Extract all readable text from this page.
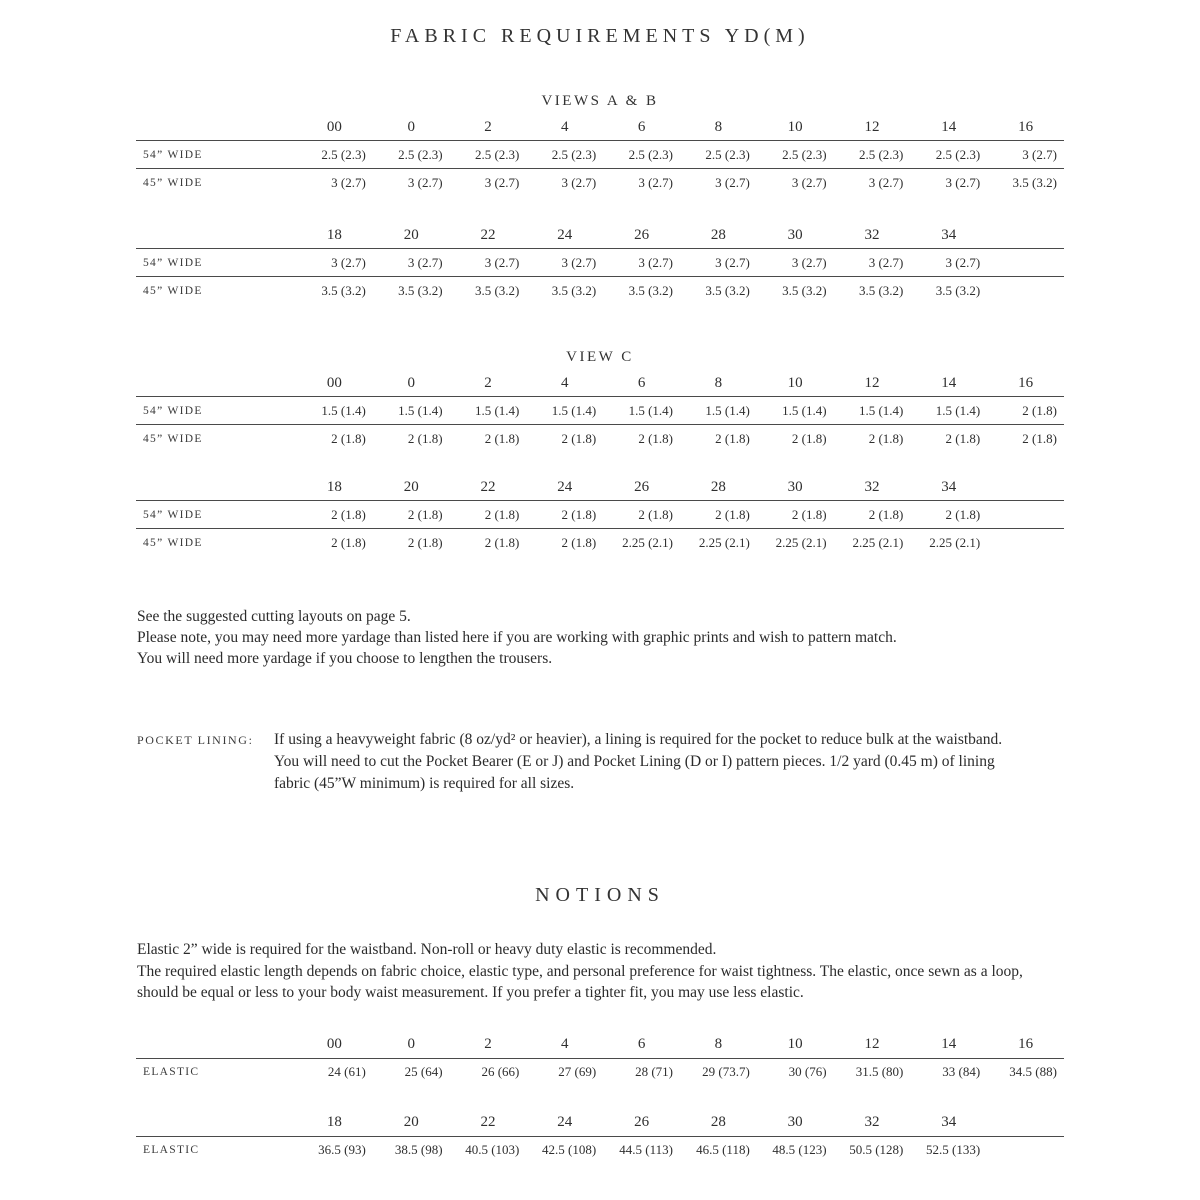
FABRIC REQUIREMENTS YD(M)
VIEWS A & B
00	0	2	4	6	8	10	12	14	16
54” WIDE	2.5 (2.3)	2.5 (2.3)	2.5 (2.3)	2.5 (2.3)	2.5 (2.3)	2.5 (2.3)	2.5 (2.3)	2.5 (2.3)	2.5 (2.3)	3 (2.7)
45” WIDE	3 (2.7)	3 (2.7)	3 (2.7)	3 (2.7)	3 (2.7)	3 (2.7)	3 (2.7)	3 (2.7)	3 (2.7)	3.5 (3.2)
18	20	22	24	26	28	30	32	34
54” WIDE	3 (2.7)	3 (2.7)	3 (2.7)	3 (2.7)	3 (2.7)	3 (2.7)	3 (2.7)	3 (2.7)	3 (2.7)
45” WIDE	3.5 (3.2)	3.5 (3.2)	3.5 (3.2)	3.5 (3.2)	3.5 (3.2)	3.5 (3.2)	3.5 (3.2)	3.5 (3.2)	3.5 (3.2)
VIEW C
00	0	2	4	6	8	10	12	14	16
54” WIDE	1.5 (1.4)	1.5 (1.4)	1.5 (1.4)	1.5 (1.4)	1.5 (1.4)	1.5 (1.4)	1.5 (1.4)	1.5 (1.4)	1.5 (1.4)	2 (1.8)
45” WIDE	2 (1.8)	2 (1.8)	2 (1.8)	2 (1.8)	2 (1.8)	2 (1.8)	2 (1.8)	2 (1.8)	2 (1.8)	2 (1.8)
18	20	22	24	26	28	30	32	34
54” WIDE	2 (1.8)	2 (1.8)	2 (1.8)	2 (1.8)	2 (1.8)	2 (1.8)	2 (1.8)	2 (1.8)	2 (1.8)
45” WIDE	2 (1.8)	2 (1.8)	2 (1.8)	2 (1.8)	2.25 (2.1)	2.25 (2.1)	2.25 (2.1)	2.25 (2.1)	2.25 (2.1)
See the suggested cutting layouts on page 5.
Please note, you may need more yardage than listed here if you are working with graphic prints and wish to pattern match.
You will need more yardage if you choose to lengthen the trousers.
POCKET LINING:	If using a heavyweight fabric (8 oz/yd² or heavier), a lining is required for the pocket to reduce bulk at the waistband. You will need to cut the Pocket Bearer (E or J) and Pocket Lining (D or I) pattern pieces. 1/2 yard (0.45 m) of lining fabric (45”W minimum) is required for all sizes.
NOTIONS

Elastic 2” wide is required for the waistband. Non-roll or heavy duty elastic is recommended.

The required elastic length depends on fabric choice, elastic type, and personal preference for waist tightness. The elastic, once sewn as a loop, should be equal or less to your body waist measurement. If you prefer a tighter fit, you may use less elastic.

00	0	2	4	6	8	10	12	14	16
ELASTIC	24 (61)	25 (64)	26 (66)	27 (69)	28 (71)	29 (73.7)	30 (76)	31.5 (80)	33 (84)	34.5 (88)
18	20	22	24	26	28	30	32	34
ELASTIC	36.5 (93)	38.5 (98)	40.5 (103)	42.5 (108)	44.5 (113)	46.5 (118)	48.5 (123)	50.5 (128)	52.5 (133)
